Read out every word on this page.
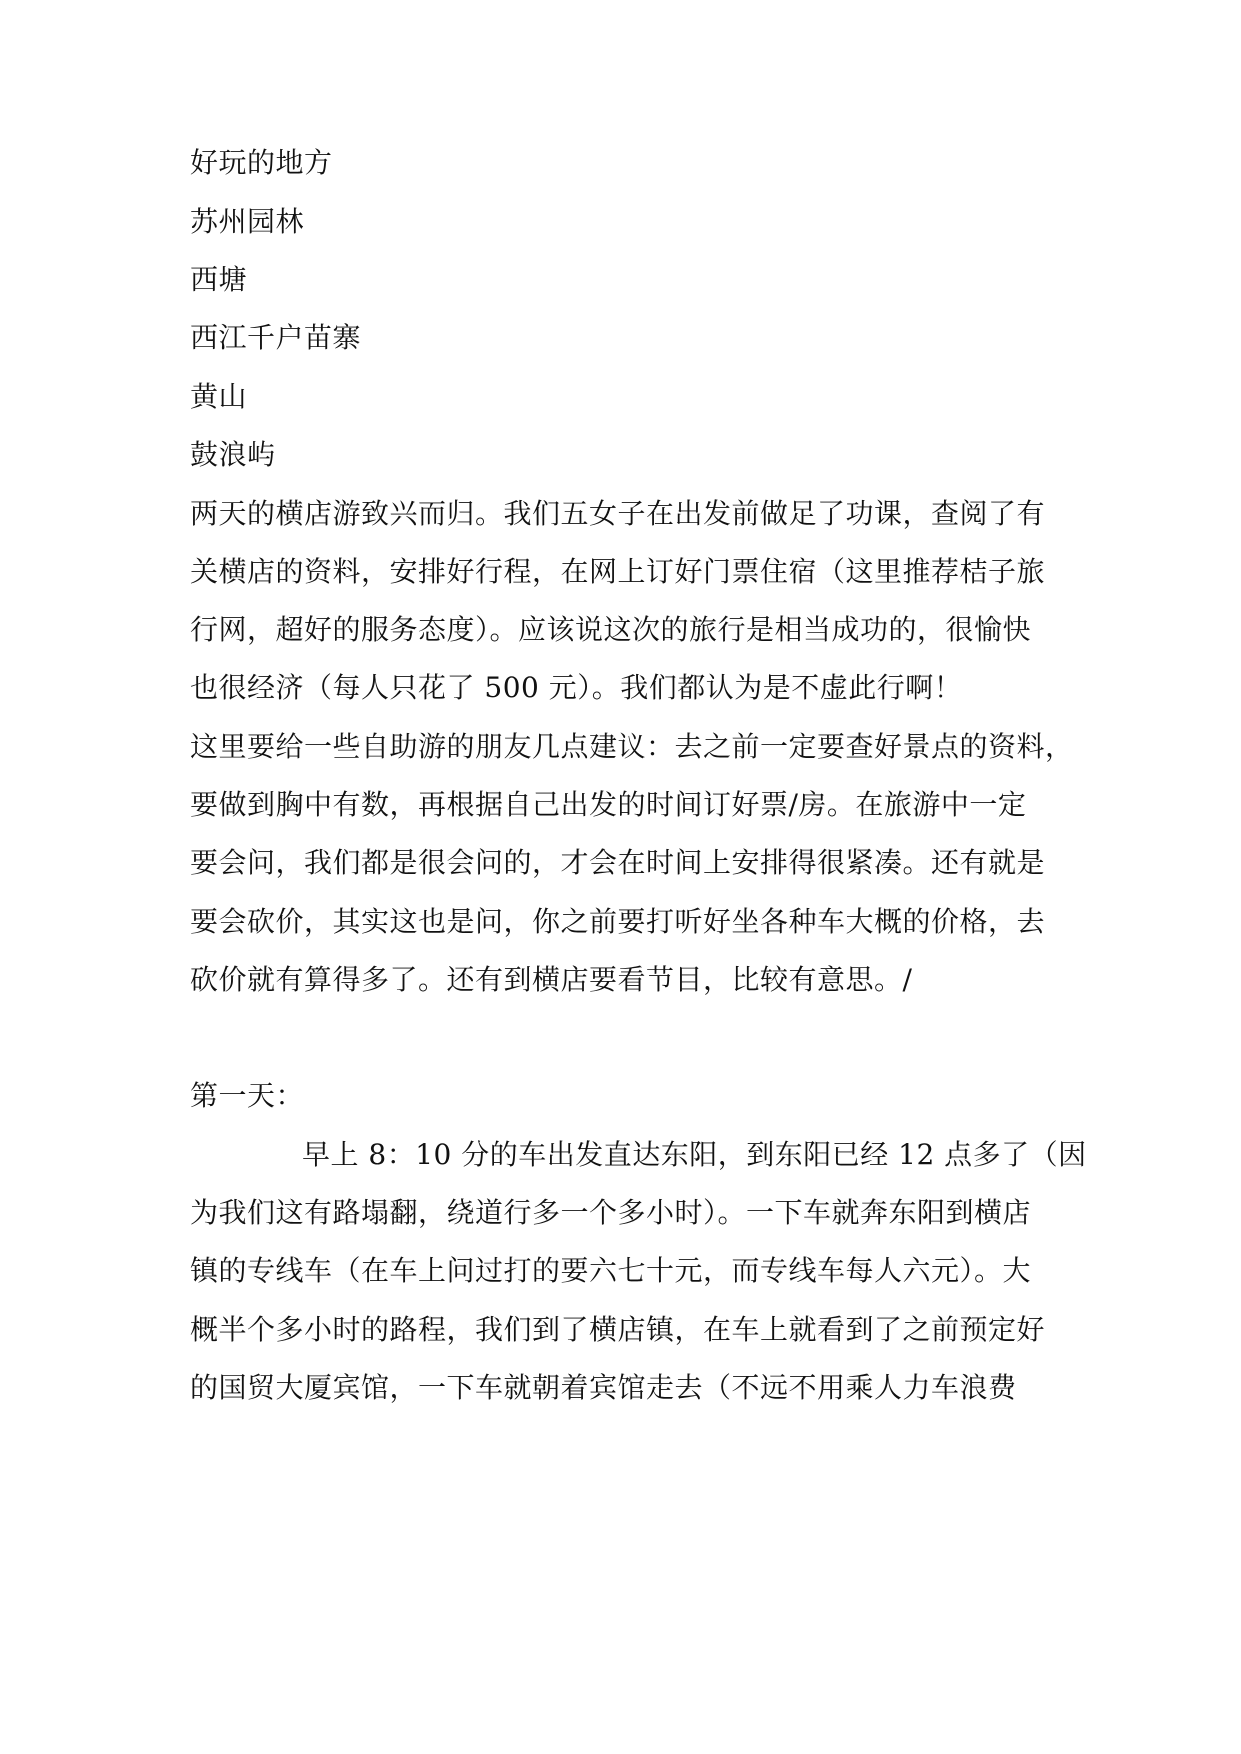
好玩的地方
苏州园林
西塘
西江千户苗寨
黄山
鼓浪屿
两天的横店游致兴而归。我们五女子在出发前做足了功课，查阅了有
关横店的资料，安排好行程，在网上订好门票住宿（这里推荐桔子旅
行网，超好的服务态度）。应该说这次的旅行是相当成功的，很愉快
也很经济（每人只花了 500 元）。我们都认为是不虚此行啊！
这里要给一些自助游的朋友几点建议：去之前一定要查好景点的资料，
要做到胸中有数，再根据自己出发的时间订好票/房。在旅游中一定
要会问，我们都是很会问的，才会在时间上安排得很紧凑。还有就是
要会砍价，其实这也是问，你之前要打听好坐各种车大概的价格，去
砍价就有算得多了。还有到横店要看节目，比较有意思。/
第一天：
早上 8：10 分的车出发直达东阳，到东阳已经 12 点多了（因
为我们这有路塌翻，绕道行多一个多小时）。一下车就奔东阳到横店
镇的专线车（在车上问过打的要六七十元，而专线车每人六元）。大
概半个多小时的路程，我们到了横店镇，在车上就看到了之前预定好
的国贸大厦宾馆，一下车就朝着宾馆走去（不远不用乘人力车浪费
